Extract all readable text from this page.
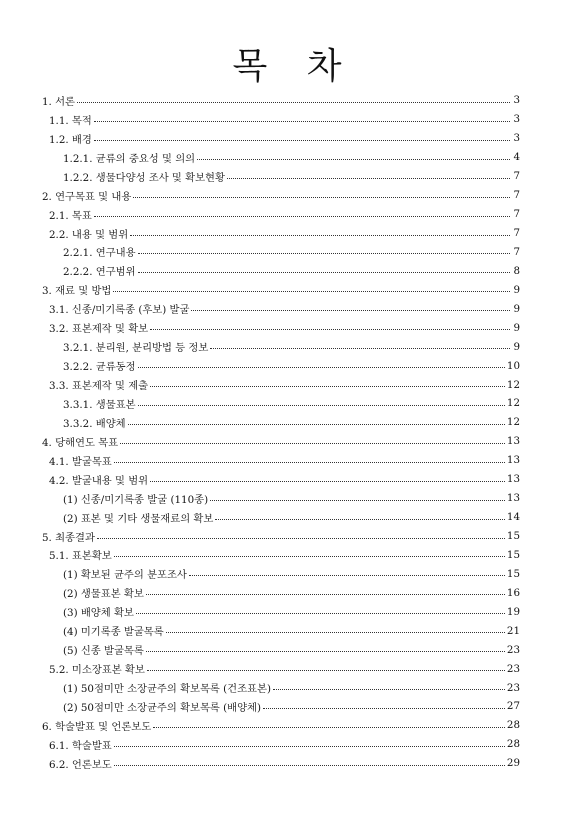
목 차
1. 서론	3
1.1. 목적	3
1.2. 배경	3
1.2.1. 균류의 중요성 및 의의	4
1.2.2. 생물다양성 조사 및 확보현황	7
2. 연구목표 및 내용	7
2.1. 목표	7
2.2. 내용 및 범위	7
2.2.1. 연구내용	7
2.2.2. 연구범위	8
3. 재료 및 방법	9
3.1. 신종/미기록종 (후보) 발굴	9
3.2. 표본제작 및 확보	9
3.2.1. 분리원, 분리방법 등 정보	9
3.2.2. 균류동정	10
3.3. 표본제작 및 제출	12
3.3.1. 생물표본	12
3.3.2. 배양체	12
4. 당해연도 목표	13
4.1. 발굴목표	13
4.2. 발굴내용 및 범위	13
(1) 신종/미기록종 발굴 (110종)	13
(2) 표본 및 기타 생물재료의 확보	14
5. 최종결과	15
5.1. 표본확보	15
(1) 확보된 균주의 분포조사	15
(2) 생물표본 확보	16
(3) 배양체 확보	19
(4) 미기록종 발굴목록	21
(5) 신종 발굴목록	23
5.2. 미소장표본 확보	23
(1) 50점미만 소장균주의 확보목록 (건조표본)	23
(2) 50점미만 소장균주의 확보목록 (배양체)	27
6. 학술발표 및 언론보도	28
6.1. 학술발표	28
6.2. 언론보도	29
